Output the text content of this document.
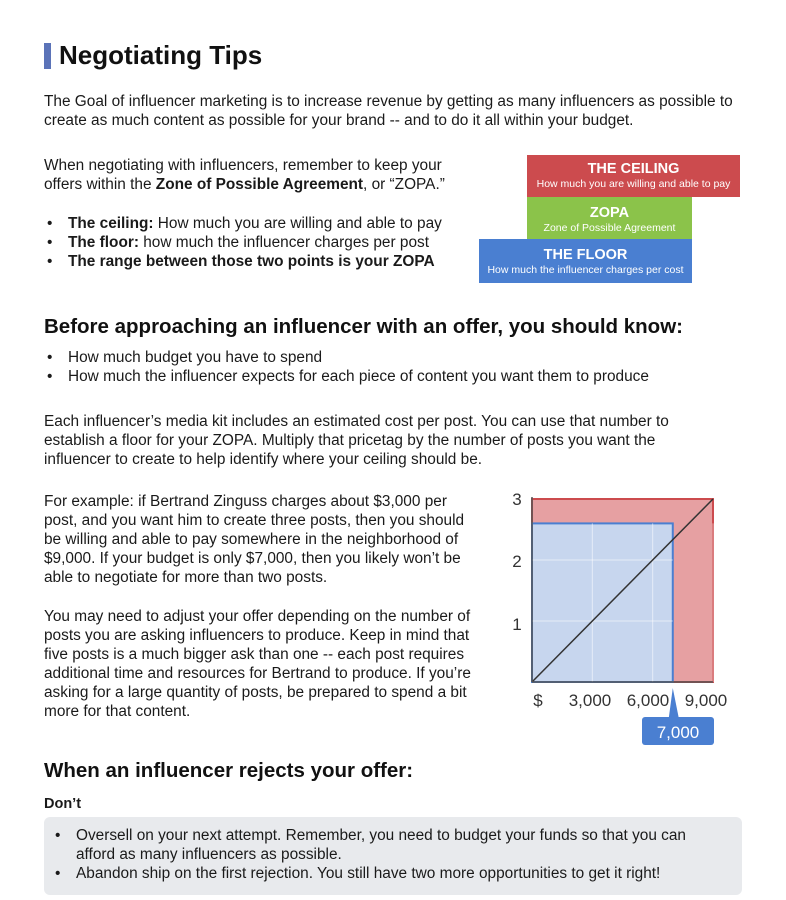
Negotiating Tips
The Goal of influencer marketing is to increase revenue by getting as many influencers as possible to create as much content as possible for your brand -- and to do it all within your budget.
When negotiating with influencers, remember to keep your
offers within the Zone of Possible Agreement, or “ZOPA.”
• The ceiling: How much you are willing and able to pay
• The floor: how much the influencer charges per post
• The range between those two points is your ZOPA
THE CEILING
How much you are willing and able to pay
ZOPA
Zone of Possible Agreement
THE FLOOR
How much the influencer charges per cost
Before approaching an influencer with an offer, you should know:
• How much budget you have to spend
• How much the influencer expects for each piece of content you want them to produce
Each influencer’s media kit includes an estimated cost per post. You can use that number to
establish a floor for your ZOPA. Multiply that pricetag by the number of posts you want the
influencer to create to help identify where your ceiling should be.
For example: if Bertrand Zinguss charges about $3,000 per
post, and you want him to create three posts, then you should
be willing and able to pay somewhere in the neighborhood of
$9,000. If your budget is only $7,000, then you likely won’t be
able to negotiate for more than two posts.
You may need to adjust your offer depending on the number of
posts you are asking influencers to produce. Keep in mind that
five posts is a much bigger ask than one -- each post requires
additional time and resources for Bertrand to produce. If you’re
asking for a large quantity of posts, be prepared to spend a bit
more for that content.
3
2
1
$ 3,000 6,000 9,000
7,000
When an influencer rejects your offer:
Don’t
• Oversell on your next attempt. Remember, you need to budget your funds so that you can
afford as many influencers as possible.
• Abandon ship on the first rejection. You still have two more opportunities to get it right!
